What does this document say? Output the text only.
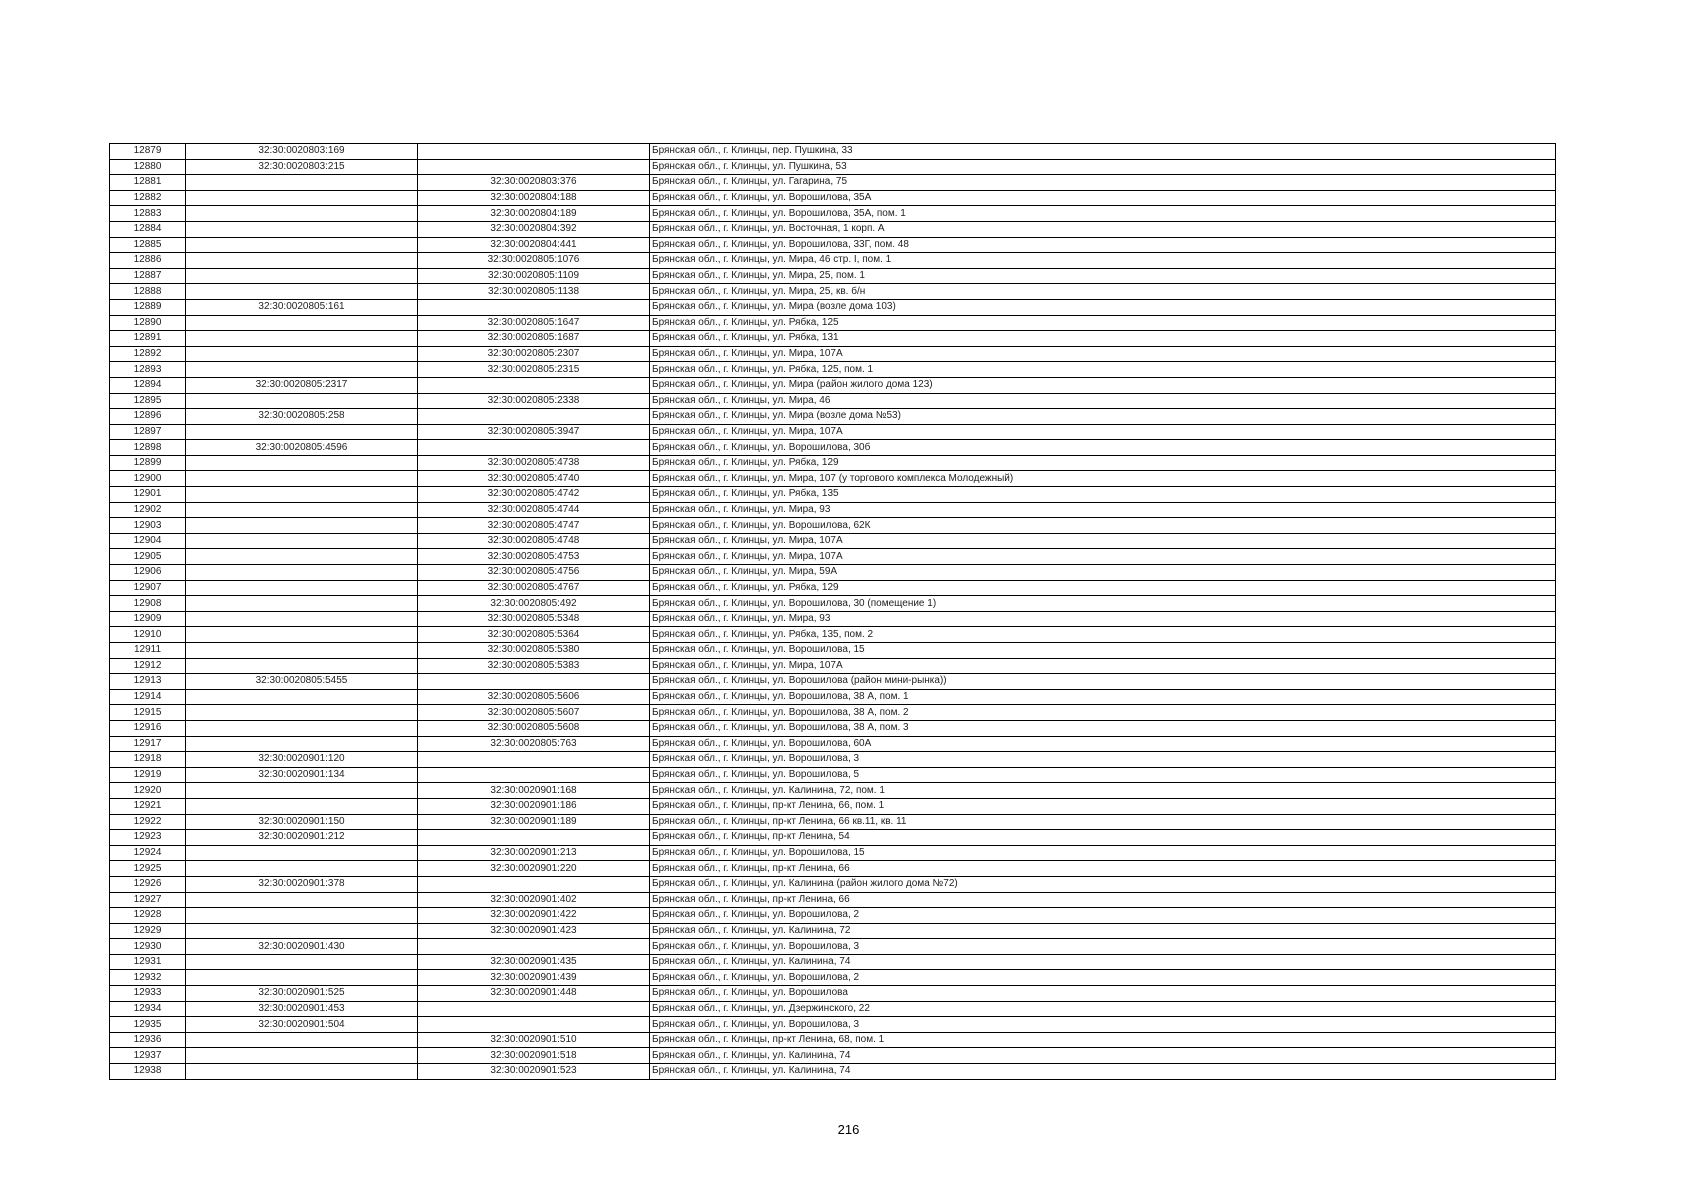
12879	32:30:0020803:169		Брянская обл., г. Клинцы, пер. Пушкина, 33
12880	32:30:0020803:215		Брянская обл., г. Клинцы, ул. Пушкина, 53
12881		32:30:0020803:376	Брянская обл., г. Клинцы, ул. Гагарина, 75
12882		32:30:0020804:188	Брянская обл., г. Клинцы, ул. Ворошилова, 35А
12883		32:30:0020804:189	Брянская обл., г. Клинцы, ул. Ворошилова, 35А, пом. 1
12884		32:30:0020804:392	Брянская обл., г. Клинцы, ул. Восточная, 1 корп. А
12885		32:30:0020804:441	Брянская обл., г. Клинцы, ул. Ворошилова, 33Г, пом. 48
12886		32:30:0020805:1076	Брянская обл., г. Клинцы, ул. Мира, 46 стр. I, пом. 1
12887		32:30:0020805:1109	Брянская обл., г. Клинцы, ул. Мира, 25, пом. 1
12888		32:30:0020805:1138	Брянская обл., г. Клинцы, ул. Мира, 25, кв. б/н
12889	32:30:0020805:161		Брянская обл., г. Клинцы, ул. Мира (возле дома 103)
12890		32:30:0020805:1647	Брянская обл., г. Клинцы, ул. Рябка, 125
12891		32:30:0020805:1687	Брянская обл., г. Клинцы, ул. Рябка, 131
12892		32:30:0020805:2307	Брянская обл., г. Клинцы, ул. Мира, 107А
12893		32:30:0020805:2315	Брянская обл., г. Клинцы, ул. Рябка, 125, пом. 1
12894	32:30:0020805:2317		Брянская обл., г. Клинцы, ул. Мира (район жилого дома 123)
12895		32:30:0020805:2338	Брянская обл., г. Клинцы, ул. Мира, 46
12896	32:30:0020805:258		Брянская обл., г. Клинцы, ул. Мира (возле дома №53)
12897		32:30:0020805:3947	Брянская обл., г. Клинцы, ул. Мира, 107А
12898	32:30:0020805:4596		Брянская обл., г. Клинцы, ул. Ворошилова, 30б
12899		32:30:0020805:4738	Брянская обл., г. Клинцы, ул. Рябка, 129
12900		32:30:0020805:4740	Брянская обл., г. Клинцы, ул. Мира, 107 (у торгового комплекса Молодежный)
12901		32:30:0020805:4742	Брянская обл., г. Клинцы, ул. Рябка, 135
12902		32:30:0020805:4744	Брянская обл., г. Клинцы, ул. Мира, 93
12903		32:30:0020805:4747	Брянская обл., г. Клинцы, ул. Ворошилова, 62К
12904		32:30:0020805:4748	Брянская обл., г. Клинцы, ул. Мира, 107А
12905		32:30:0020805:4753	Брянская обл., г. Клинцы, ул. Мира, 107А
12906		32:30:0020805:4756	Брянская обл., г. Клинцы, ул. Мира, 59А
12907		32:30:0020805:4767	Брянская обл., г. Клинцы, ул. Рябка, 129
12908		32:30:0020805:492	Брянская обл., г. Клинцы, ул. Ворошилова, 30 (помещение 1)
12909		32:30:0020805:5348	Брянская обл., г. Клинцы, ул. Мира, 93
12910		32:30:0020805:5364	Брянская обл., г. Клинцы, ул. Рябка, 135, пом. 2
12911		32:30:0020805:5380	Брянская обл., г. Клинцы, ул. Ворошилова, 15
12912		32:30:0020805:5383	Брянская обл., г. Клинцы, ул. Мира, 107А
12913	32:30:0020805:5455		Брянская обл., г. Клинцы, ул. Ворошилова (район мини-рынка))
12914		32:30:0020805:5606	Брянская обл., г. Клинцы, ул. Ворошилова, 38 А, пом. 1
12915		32:30:0020805:5607	Брянская обл., г. Клинцы, ул. Ворошилова, 38 А, пом. 2
12916		32:30:0020805:5608	Брянская обл., г. Клинцы, ул. Ворошилова, 38 А, пом. 3
12917		32:30:0020805:763	Брянская обл., г. Клинцы, ул. Ворошилова, 60А
12918	32:30:0020901:120		Брянская обл., г. Клинцы, ул. Ворошилова, 3
12919	32:30:0020901:134		Брянская обл., г. Клинцы, ул. Ворошилова, 5
12920		32:30:0020901:168	Брянская обл., г. Клинцы, ул. Калинина, 72, пом. 1
12921		32:30:0020901:186	Брянская обл., г. Клинцы, пр-кт Ленина, 66, пом. 1
12922	32:30:0020901:150	32:30:0020901:189	Брянская обл., г. Клинцы, пр-кт Ленина, 66 кв.11, кв. 11
12923	32:30:0020901:212		Брянская обл., г. Клинцы, пр-кт Ленина, 54
12924		32:30:0020901:213	Брянская обл., г. Клинцы, ул. Ворошилова, 15
12925		32:30:0020901:220	Брянская обл., г. Клинцы, пр-кт Ленина, 66
12926	32:30:0020901:378		Брянская обл., г. Клинцы, ул. Калинина (район жилого дома №72)
12927		32:30:0020901:402	Брянская обл., г. Клинцы, пр-кт Ленина, 66
12928		32:30:0020901:422	Брянская обл., г. Клинцы, ул. Ворошилова, 2
12929		32:30:0020901:423	Брянская обл., г. Клинцы, ул. Калинина, 72
12930	32:30:0020901:430		Брянская обл., г. Клинцы, ул. Ворошилова, 3
12931		32:30:0020901:435	Брянская обл., г. Клинцы, ул. Калинина, 74
12932		32:30:0020901:439	Брянская обл., г. Клинцы, ул. Ворошилова, 2
12933	32:30:0020901:525	32:30:0020901:448	Брянская обл., г. Клинцы, ул. Ворошилова
12934	32:30:0020901:453		Брянская обл., г. Клинцы, ул. Дзержинского, 22
12935	32:30:0020901:504		Брянская обл., г. Клинцы, ул. Ворошилова, 3
12936		32:30:0020901:510	Брянская обл., г. Клинцы, пр-кт Ленина, 68, пом. 1
12937		32:30:0020901:518	Брянская обл., г. Клинцы, ул. Калинина, 74
12938		32:30:0020901:523	Брянская обл., г. Клинцы, ул. Калинина, 74
216
